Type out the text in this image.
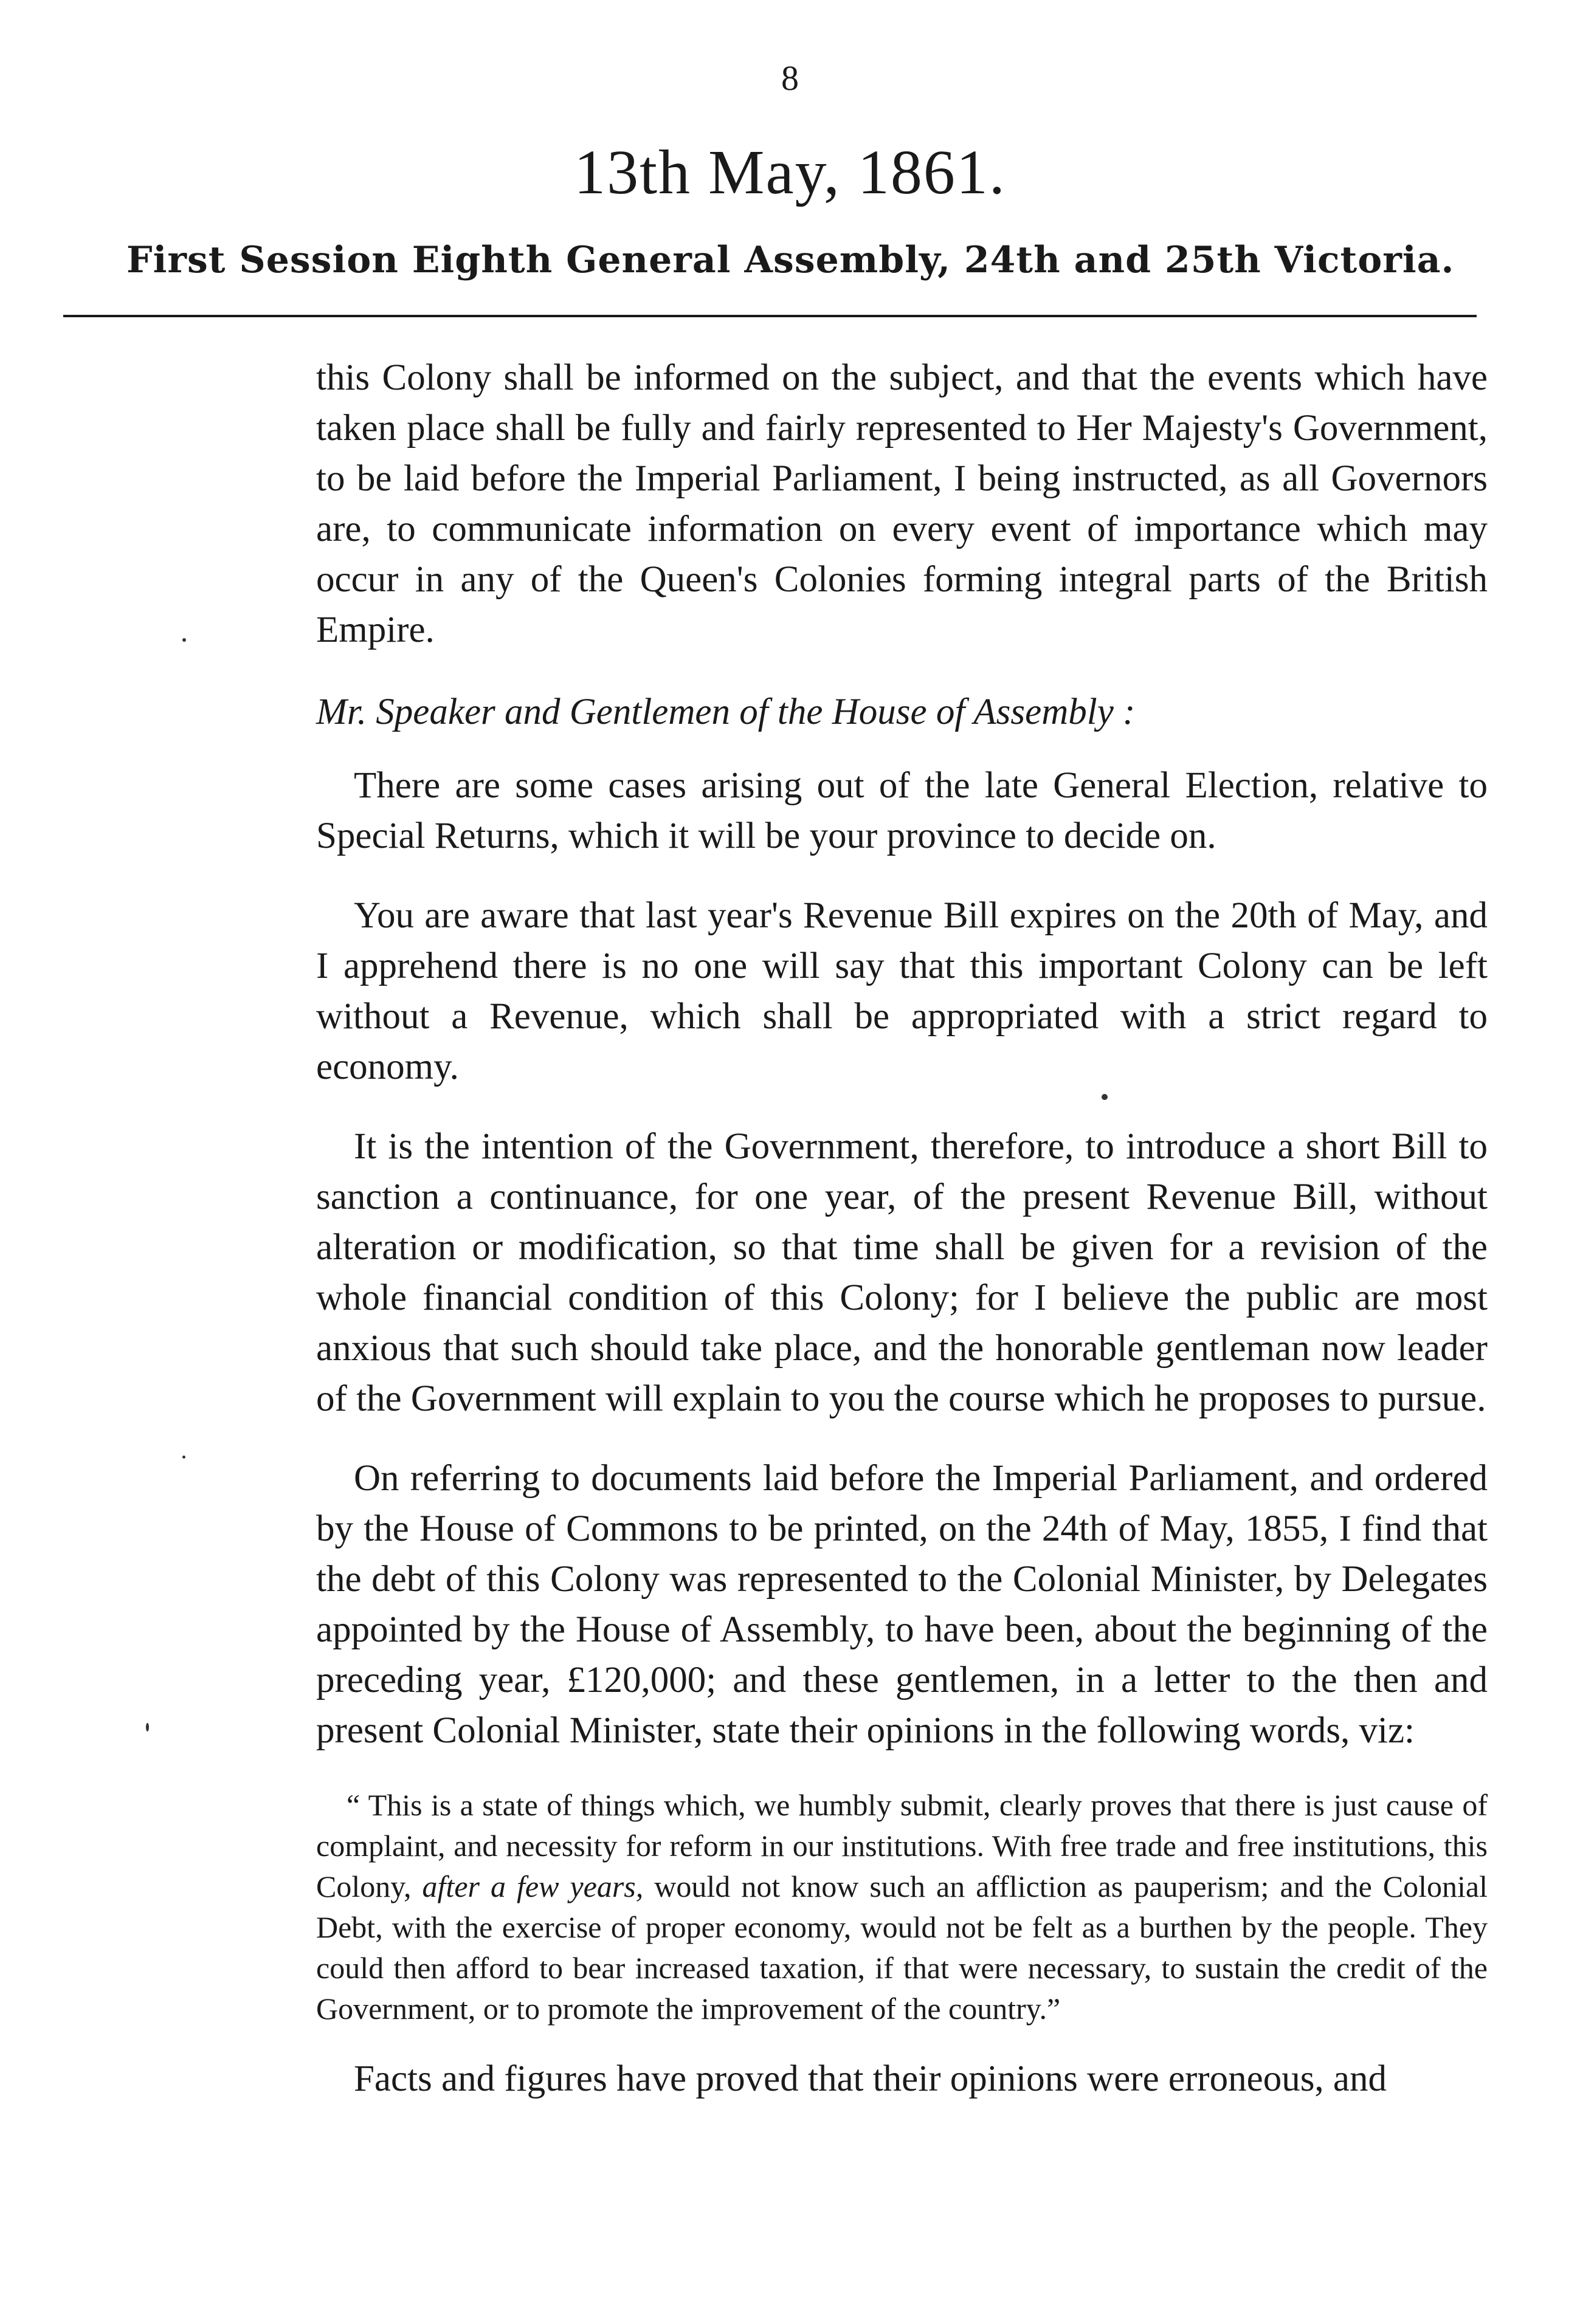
8
13th May, 1861.
First Session Eighth General Assembly, 24th and 25th Victoria.

this Colony shall be informed on the subject, and that the events which have taken place shall be fully and fairly represented to Her Majesty's Government, to be laid before the Imperial Parliament, I being instructed, as all Governors are, to communicate information on every event of importance which may occur in any of the Queen's Colonies forming integral parts of the British Empire.

Mr. Speaker and Gentlemen of the House of Assembly :

There are some cases arising out of the late General Election, relative to Special Returns, which it will be your province to decide on.

You are aware that last year's Revenue Bill expires on the 20th of May, and I apprehend there is no one will say that this important Colony can be left without a Revenue, which shall be appropriated with a strict regard to economy.

It is the intention of the Government, therefore, to introduce a short Bill to sanction a continuance, for one year, of the present Revenue Bill, without alteration or modification, so that time shall be given for a revision of the whole financial condition of this Colony; for I believe the public are most anxious that such should take place, and the honorable gentleman now leader of the Government will explain to you the course which he proposes to pursue.

On referring to documents laid before the Imperial Parliament, and ordered by the House of Commons to be printed, on the 24th of May, 1855, I find that the debt of this Colony was represented to the Colonial Minister, by Delegates appointed by the House of Assembly, to have been, about the beginning of the preceding year, £120,000; and these gentlemen, in a letter to the then and present Colonial Minister, state their opinions in the following words, viz:

“ This is a state of things which, we humbly submit, clearly proves that there is just cause of complaint, and necessity for reform in our institutions. With free trade and free institutions, this Colony, after a few years, would not know such an affliction as pauperism; and the Colonial Debt, with the exercise of proper economy, would not be felt as a burthen by the people. They could then afford to bear increased taxation, if that were necessary, to sustain the credit of the Government, or to promote the improvement of the country.”

Facts and figures have proved that their opinions were erroneous, and
